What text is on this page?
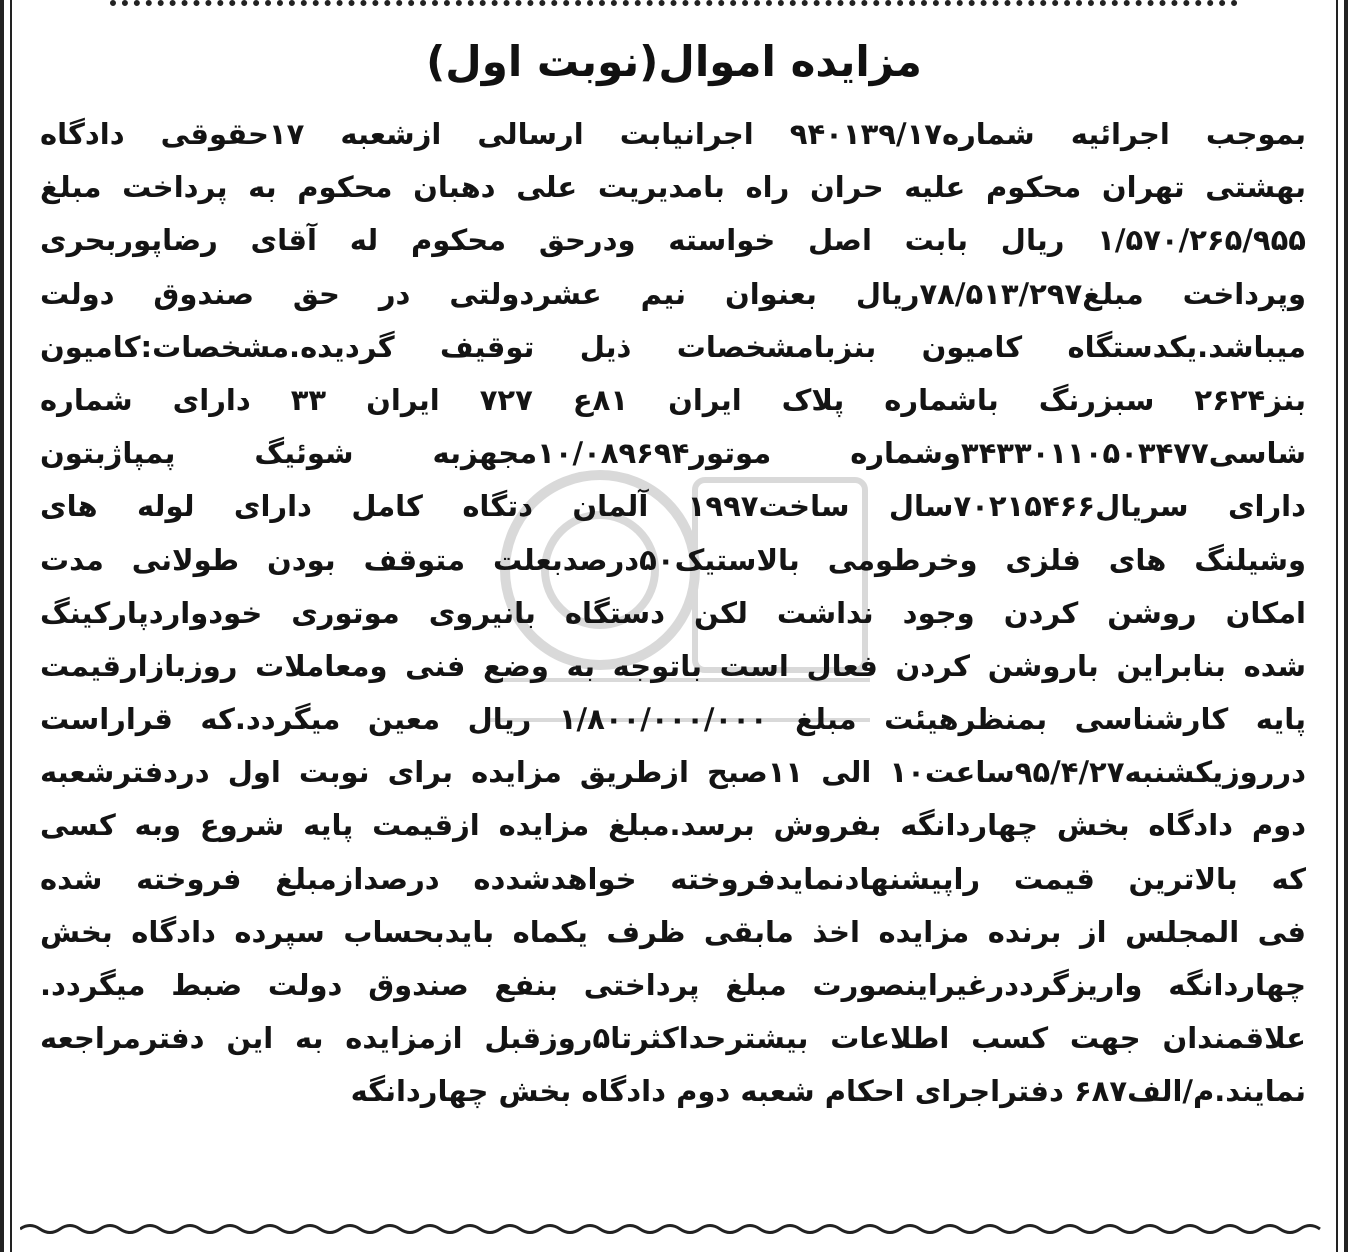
مزایده اموال(نوبت اول)
بموجب اجرائیه شماره۹۴۰۱۳۹/۱۷ اجرانیابت ارسالی ازشعبه ۱۷حقوقی دادگاه
بهشتی تهران محکوم علیه حران راه بامدیریت علی دهبان محکوم به پرداخت مبلغ
۱/۵۷۰/۲۶۵/۹۵۵ ریال بابت اصل خواسته ودرحق محکوم له آقای رضاپوربحری
وپرداخت مبلغ۷۸/۵۱۳/۲۹۷ریال بعنوان نیم عشردولتی در حق صندوق دولت
میباشد.یکدستگاه کامیون بنزبامشخصات ذیل توقیف گردیده.مشخصات:کامیون
بنز۲۶۲۴ سبزرنگ باشماره پلاک ایران ۸۱ع ۷۲۷ ایران ۳۳ دارای شماره
شاسی۳۴۳۳۰۱۱۰۵۰۳۴۷۷وشماره موتور۱۰/۰۸۹۶۹۴مجهزبه شوئیگ پمپاژبتون
دارای سریال۷۰۲۱۵۴۶۶سال ساخت۱۹۹۷ آلمان دتگاه کامل دارای لوله های
وشیلنگ های فلزی وخرطومی بالاستیک۵۰درصدبعلت متوقف بودن طولانی مدت
امکان روشن کردن وجود نداشت لکن دستگاه بانیروی موتوری خودواردپارکینگ
شده بنابراین باروشن کردن فعال است باتوجه به وضع فنی ومعاملات روزبازارقیمت
پایه کارشناسی بمنظرهیئت مبلغ ۱/۸۰۰/۰۰۰/۰۰۰ ریال معین میگردد.که قراراست
درروزیکشنبه۹۵/۴/۲۷ساعت۱۰ الی ۱۱صبح ازطریق مزایده برای نوبت اول دردفترشعبه
دوم دادگاه بخش چهاردانگه بفروش برسد.مبلغ مزایده ازقیمت پایه شروع وبه کسی
که بالاترین قیمت راپیشنهادنمایدفروخته خواهدشدده درصدازمبلغ فروخته شده
فی المجلس از برنده مزایده اخذ مابقی ظرف یکماه بایدبحساب سپرده دادگاه بخش
چهاردانگه واریزگرددرغیراینصورت مبلغ پرداختی بنفع صندوق دولت ضبط میگردد.
علاقمندان جهت کسب اطلاعات بیشترحداکثرتا۵روزقبل ازمزایده به این دفترمراجعه
نمایند.م/الف۶۸۷ دفتراجرای احکام شعبه دوم دادگاه بخش چهاردانگه
